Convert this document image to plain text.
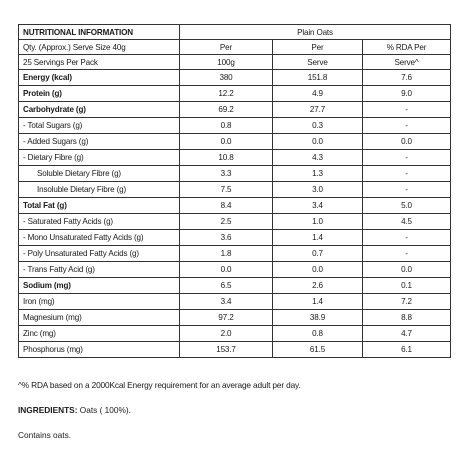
NUTRITIONAL INFORMATION	Plain Oats		
Qty. (Approx.) Serve Size 40g	Per	Per	% RDA Per
25 Servings Per Pack	100g	Serve	Serve^
Energy (kcal)	380	151.8	7.6
Protein (g)	12.2	4.9	9.0
Carbohydrate (g)	69.2	27.7	-
- Total Sugars (g)	0.8	0.3	-
- Added Sugars (g)	0.0	0.0	0.0
- Dietary Fibre (g)	10.8	4.3	-
Soluble Dietary Fibre (g)	3.3	1.3	-
Insoluble Dietary Fibre (g)	7.5	3.0	-
Total Fat (g)	8.4	3.4	5.0
- Saturated Fatty Acids (g)	2.5	1.0	4.5
- Mono Unsaturated Fatty Acids (g)	3.6	1.4	-
- Poly Unsaturated Fatty Acids (g)	1.8	0.7	-
- Trans Fatty Acid (g)	0.0	0.0	0.0
Sodium (mg)	6.5	2.6	0.1
Iron (mg)	3.4	1.4	7.2
Magnesium (mg)	97.2	38.9	8.8
Zinc (mg)	2.0	0.8	4.7
Phosphorus (mg)	153.7	61.5	6.1
^% RDA based on a 2000Kcal Energy requirement for an average adult per day.
INGREDIENTS: Oats ( 100%).
Contains oats.
